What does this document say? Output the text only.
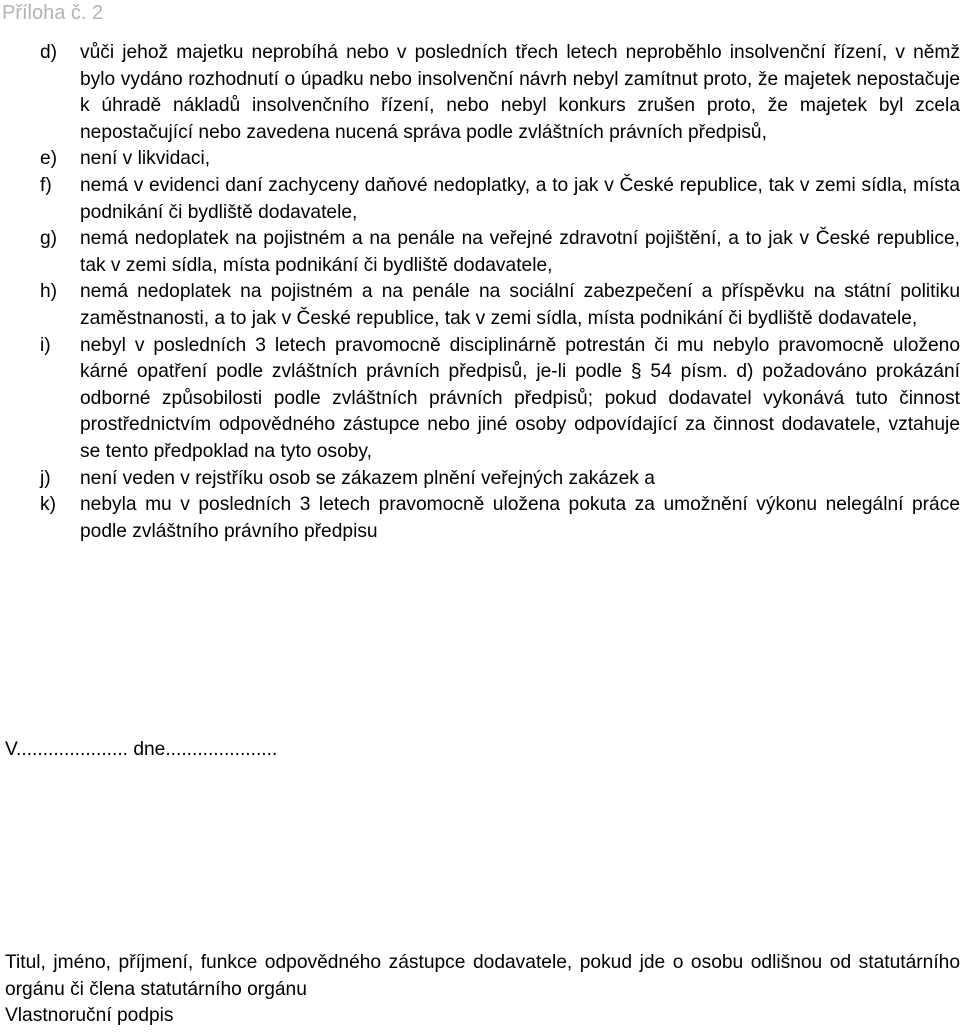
Příloha č. 2
d) vůči jehož majetku neprobíhá nebo v posledních třech letech neproběhlo insolvenční řízení, v němž bylo vydáno rozhodnutí o úpadku nebo insolvenční návrh nebyl zamítnut proto, že majetek nepostačuje k úhradě nákladů insolvenčního řízení, nebo nebyl konkurs zrušen proto, že majetek byl zcela nepostačující nebo zavedena nucená správa podle zvláštních právních předpisů,
e) není v likvidaci,
f) nemá v evidenci daní zachyceny daňové nedoplatky, a to jak v České republice, tak v zemi sídla, místa podnikání či bydliště dodavatele,
g) nemá nedoplatek na pojistném a na penále na veřejné zdravotní pojištění, a to jak v České republice, tak v zemi sídla, místa podnikání či bydliště dodavatele,
h) nemá nedoplatek na pojistném a na penále na sociální zabezpečení a příspěvku na státní politiku zaměstnanosti, a to jak v České republice, tak v zemi sídla, místa podnikání či bydliště dodavatele,
i) nebyl v posledních 3 letech pravomocně disciplinárně potrestán či mu nebylo pravomocně uloženo kárné opatření podle zvláštních právních předpisů, je-li podle § 54 písm. d) požadováno prokázání odborné způsobilosti podle zvláštních právních předpisů; pokud dodavatel vykonává tuto činnost prostřednictvím odpovědného zástupce nebo jiné osoby odpovídající za činnost dodavatele, vztahuje se tento předpoklad na tyto osoby,
j) není veden v rejstříku osob se zákazem plnění veřejných zakázek a
k) nebyla mu v posledních 3 letech pravomocně uložena pokuta za umožnění výkonu nelegální práce podle zvláštního právního předpisu
V..................... dne.....................
Titul, jméno, příjmení, funkce odpovědného zástupce dodavatele, pokud jde o osobu odlišnou od statutárního orgánu či člena statutárního orgánu
Vlastnoruční podpis
